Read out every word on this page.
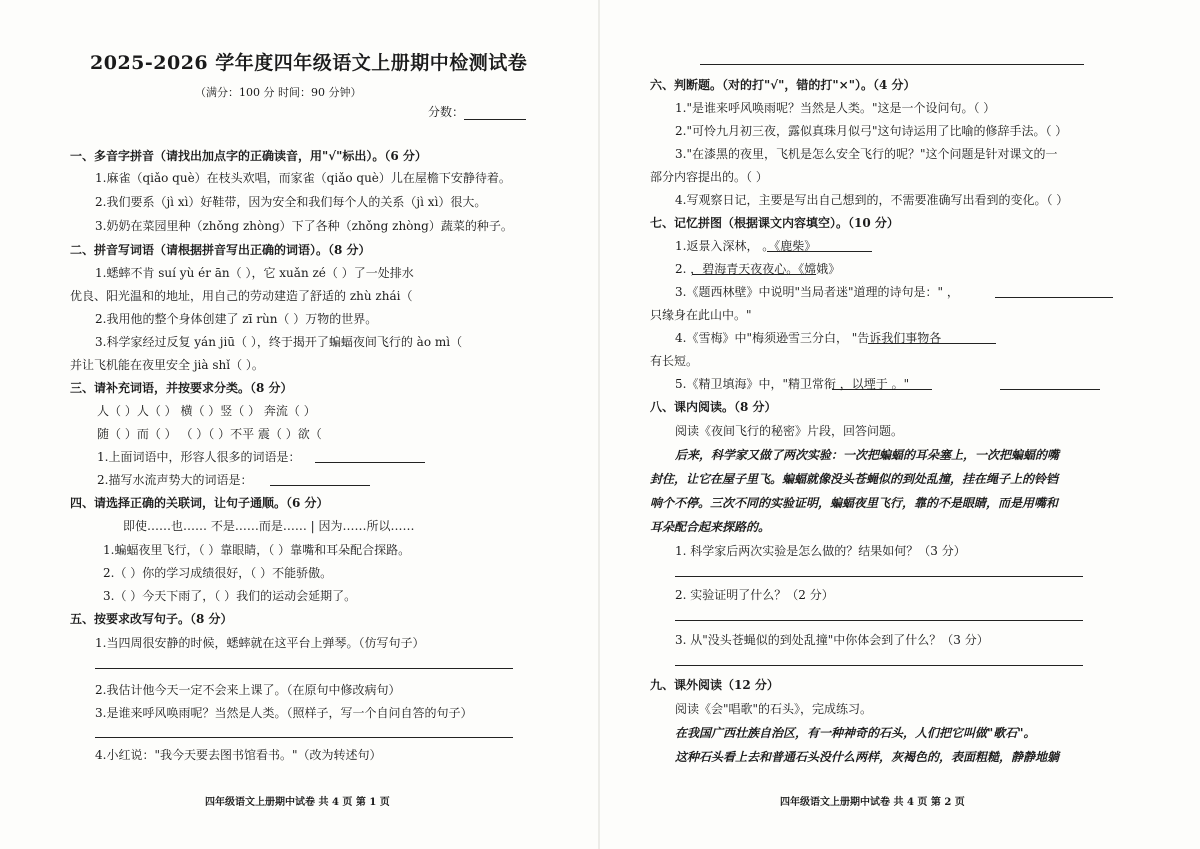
2025-2026 学年度四年级语文上册期中检测试卷
（满分：100 分 时间：90 分钟）
分数：
一、多音字拼音（请找出加点字的正确读音，用"√"标出）。（6 分）
1.麻雀（qiǎo què）在枝头欢唱，而家雀（qiǎo què）儿在屋檐下安静待着。
2.我们要系（jì xì）好鞋带，因为安全和我们每个人的关系（jì xì）很大。
3.奶奶在菜园里种（zhǒng zhòng）下了各种（zhǒng zhòng）蔬菜的种子。
二、拼音写词语（请根据拼音写出正确的词语）。（8 分）
1.蟋蟀不肯 suí yù ér ān（ ），它 xuǎn zé（ ）了一处排水
优良、阳光温和的地址，用自己的劳动建造了舒适的 zhù zhái（
2.我用他的整个身体创建了 zī rùn（ ）万物的世界。
3.科学家经过反复 yán jiū（ ），终于揭开了蝙蝠夜间飞行的 ào mì（
并让飞机能在夜里安全 jià shǐ（ ）。
三、请补充词语，并按要求分类。（8 分）
人（ ）人（ ） 横（ ）竖（ ） 奔流（ ）
随（ ）而（ ） （ ）（ ）不平 震（ ）欲（
1.上面词语中，形容人很多的词语是：
2.描写水流声势大的词语是：
四、请选择正确的关联词，让句子通顺。（6 分）
即使……也…… 不是……而是…… | 因为……所以……
1.蝙蝠夜里飞行，（ ）靠眼睛，（ ）靠嘴和耳朵配合探路。
2.（ ）你的学习成绩很好，（ ）不能骄傲。
3.（ ）今天下雨了，（ ）我们的运动会延期了。
五、按要求改写句子。（8 分）
1.当四周很安静的时候，蟋蟀就在这平台上弹琴。（仿写句子）
2.我估计他今天一定不会来上课了。（在原句中修改病句）
3.是谁来呼风唤雨呢？当然是人类。（照样子，写一个自问自答的句子）
4.小红说："我今天要去图书馆看书。"（改为转述句）
四年级语文上册期中试卷 共 4 页 第 1 页
六、判断题。（对的打"√"，错的打"×"）。（4 分）
1."是谁来呼风唤雨呢？当然是人类。"这是一个设问句。（ ）
2."可怜九月初三夜，露似真珠月似弓"这句诗运用了比喻的修辞手法。（ ）
3."在漆黑的夜里，飞机是怎么安全飞行的呢？"这个问题是针对课文的一
部分内容提出的。（ ）
4.写观察日记，主要是写出自己想到的，不需要准确写出看到的变化。（ ）
七、记忆拼图（根据课文内容填空）。（10 分）
1.返景入深林， 。《鹿柴》
2. ，碧海青天夜夜心。《嫦娥》
3.《题西林壁》中说明"当局者迷"道理的诗句是：" ，
只缘身在此山中。"
4.《雪梅》中"梅须逊雪三分白， "告诉我们事物各
有长短。
5.《精卫填海》中，"精卫常衔 ，以堙于 。"
八、课内阅读。（8 分）
阅读《夜间飞行的秘密》片段，回答问题。
后来，科学家又做了两次实验：一次把蝙蝠的耳朵塞上，一次把蝙蝠的嘴
封住，让它在屋子里飞。蝙蝠就像没头苍蝇似的到处乱撞，挂在绳子上的铃铛
响个不停。三次不同的实验证明，蝙蝠夜里飞行，靠的不是眼睛，而是用嘴和
耳朵配合起来探路的。
1. 科学家后两次实验是怎么做的？结果如何？（3 分）
2. 实验证明了什么？（2 分）
3. 从"没头苍蝇似的到处乱撞"中你体会到了什么？（3 分）
九、课外阅读（12 分）
阅读《会"唱歌"的石头》，完成练习。
在我国广西壮族自治区，有一种神奇的石头，人们把它叫做"歌石"。
这种石头看上去和普通石头没什么两样，灰褐色的，表面粗糙，静静地躺
四年级语文上册期中试卷 共 4 页 第 2 页
